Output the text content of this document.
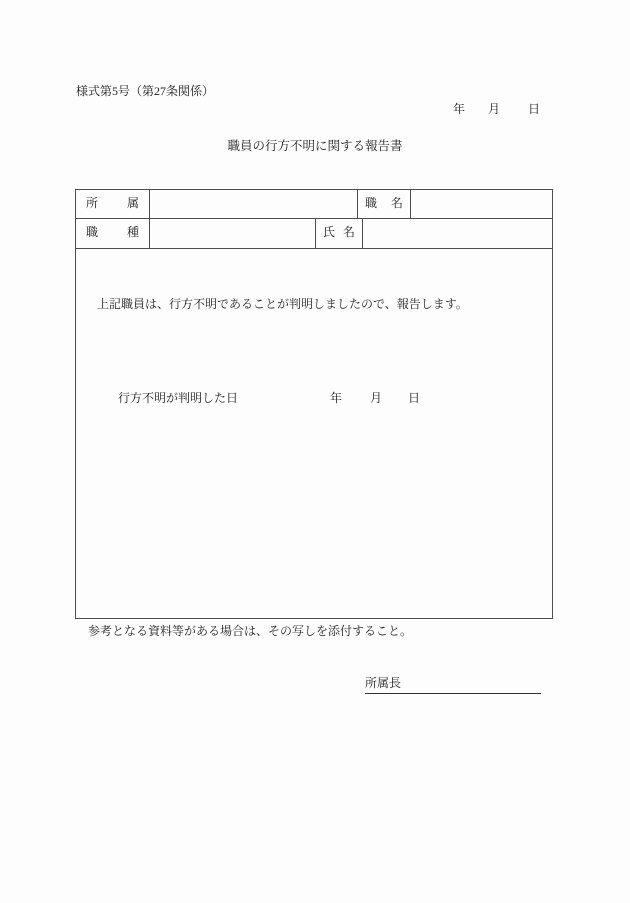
様式第5号（第27条関係）
年 月 日
職員の行方不明に関する報告書
所属	職名
職種	氏名
上記職員は、行方不明であることが判明しましたので、報告します。
行方不明が判明した日	年 月 日
参考となる資料等がある場合は、その写しを添付すること。
所属長
